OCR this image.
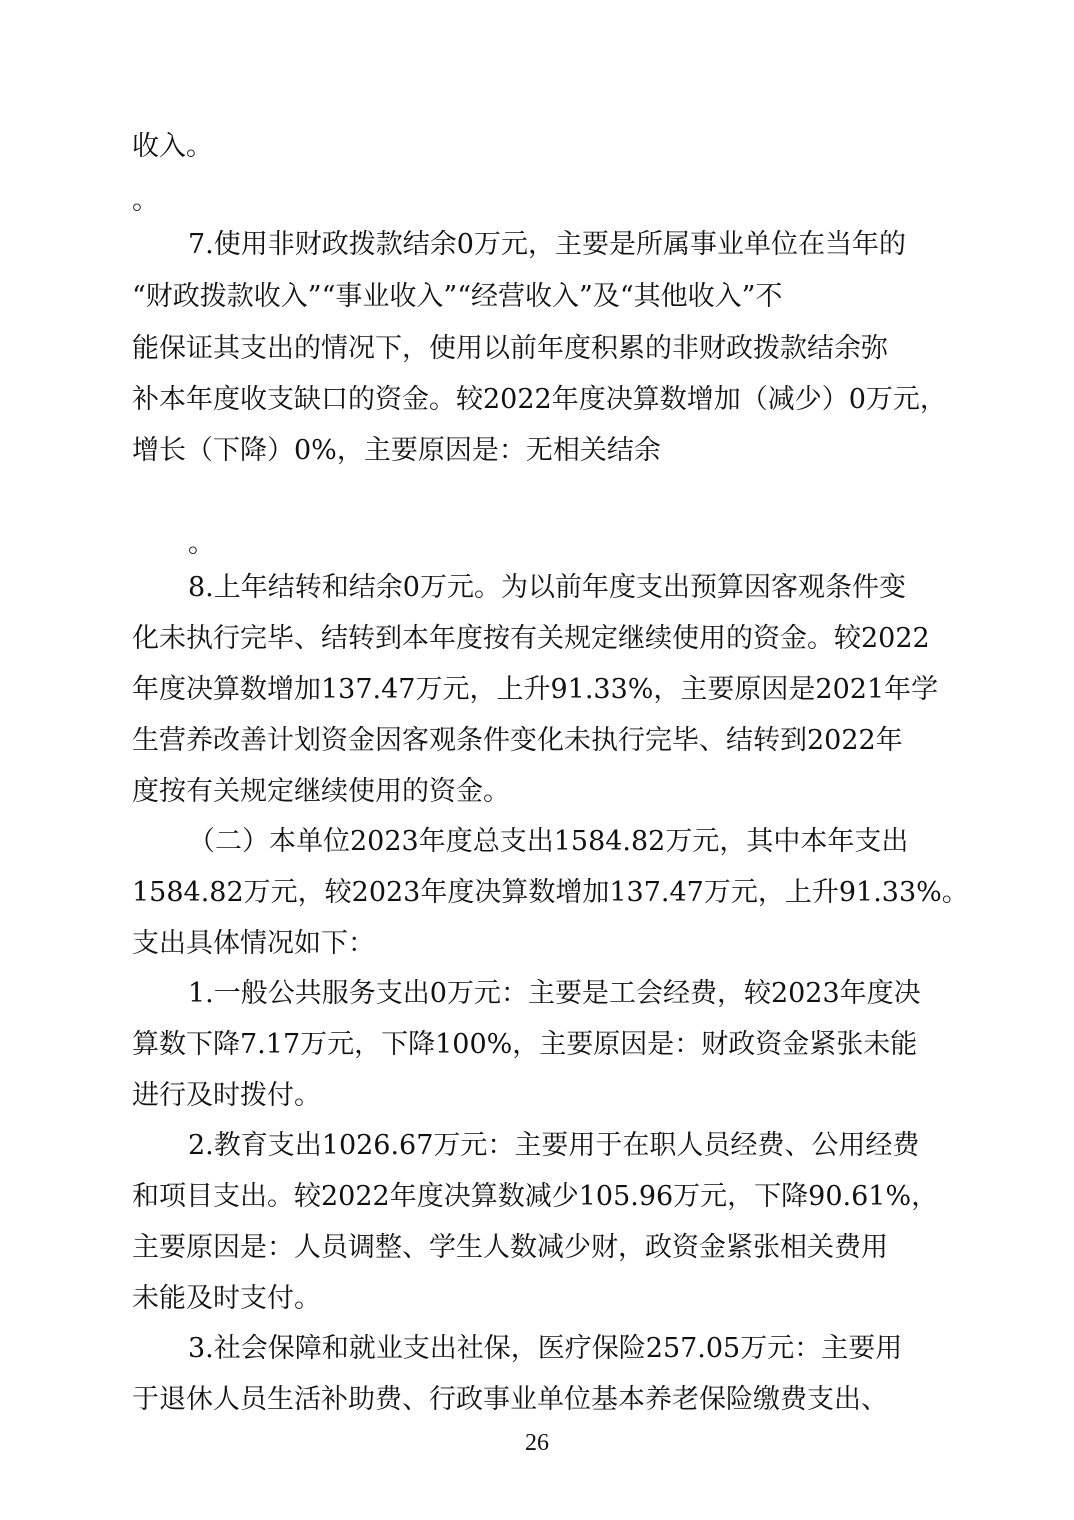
收入。
。
7.使用非财政拨款结余0万元，主要是所属事业单位在当年的
“财政拨款收入”“事业收入”“经营收入”及“其他收入”不
能保证其支出的情况下，使用以前年度积累的非财政拨款结余弥
补本年度收支缺口的资金。较2022年度决算数增加（减少）0万元，
增长（下降）0%，主要原因是：无相关结余
。
8.上年结转和结余0万元。为以前年度支出预算因客观条件变
化未执行完毕、结转到本年度按有关规定继续使用的资金。较2022
年度决算数增加137.47万元，上升91.33%，主要原因是2021年学
生营养改善计划资金因客观条件变化未执行完毕、结转到2022年
度按有关规定继续使用的资金。
（二）本单位2023年度总支出1584.82万元，其中本年支出
1584.82万元，较2023年度决算数增加137.47万元，上升91.33%。
支出具体情况如下：
1.一般公共服务支出0万元：主要是工会经费，较2023年度决
算数下降7.17万元，下降100%，主要原因是：财政资金紧张未能
进行及时拨付。
2.教育支出1026.67万元：主要用于在职人员经费、公用经费
和项目支出。较2022年度决算数减少105.96万元，下降90.61%，
主要原因是：人员调整、学生人数减少财，政资金紧张相关费用
未能及时支付。
3.社会保障和就业支出社保，医疗保险257.05万元：主要用
于退休人员生活补助费、行政事业单位基本养老保险缴费支出、
26
